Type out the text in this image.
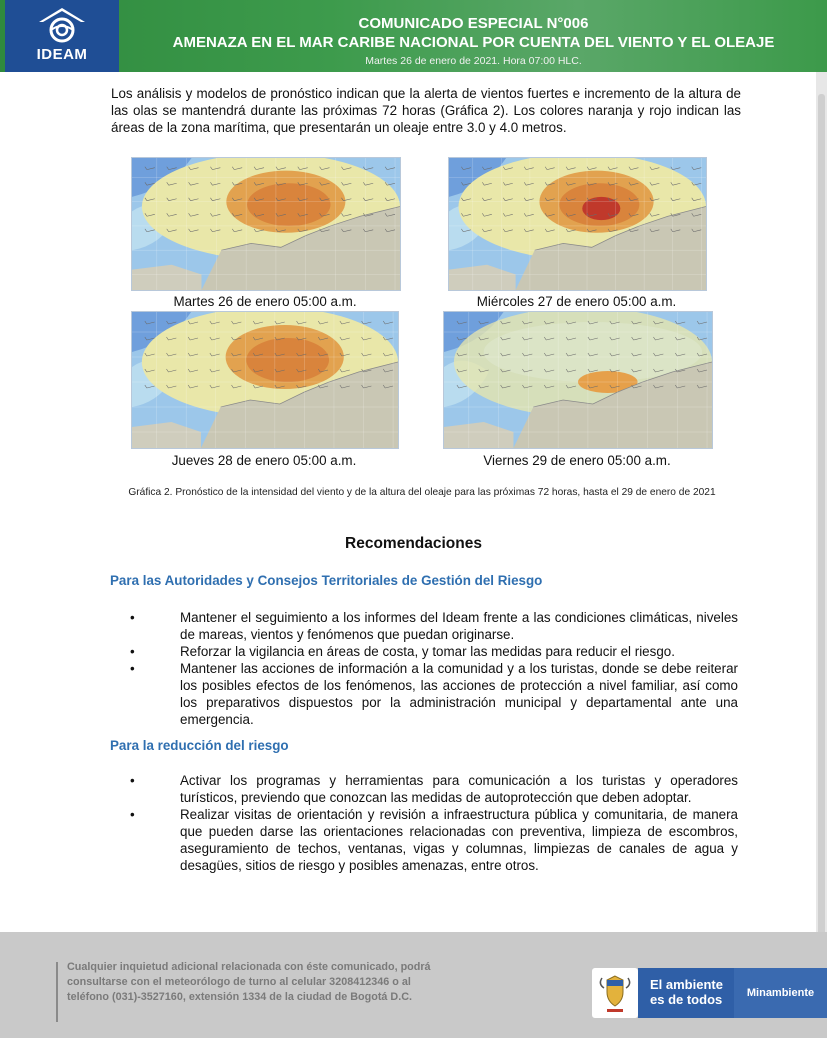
IDEAM
COMUNICADO ESPECIAL N°006
AMENAZA EN EL MAR CARIBE NACIONAL POR CUENTA DEL VIENTO Y EL OLEAJE
Martes 26 de enero de 2021. Hora 07:00 HLC.
Los análisis y modelos de pronóstico indican que la alerta de vientos fuertes e incremento de la altura de las olas se mantendrá durante las próximas 72 horas (Gráfica 2). Los colores naranja y rojo indican las áreas de la zona marítima, que presentarán un oleaje entre 3.0 y 4.0 metros.
Martes 26 de enero 05:00 a.m.	Miércoles 27 de enero 05:00 a.m.
Jueves 28 de enero 05:00 a.m.	Viernes 29 de enero 05:00 a.m.
Gráfica 2. Pronóstico de la intensidad del viento y de la altura del oleaje para las próximas 72 horas, hasta el 29 de enero de 2021
Recomendaciones
Para las Autoridades y Consejos Territoriales de Gestión del Riesgo

•	Mantener el seguimiento a los informes del Ideam frente a las condiciones climáticas, niveles de mareas, vientos y fenómenos que puedan originarse.

•	Reforzar la vigilancia en áreas de costa, y tomar las medidas para reducir el riesgo.

•	Mantener las acciones de información a la comunidad y a los turistas, donde se debe reiterar los posibles efectos de los fenómenos, las acciones de protección a nivel familiar, así como los preparativos dispuestos por la administración municipal y departamental ante una emergencia.

Para la reducción del riesgo

•	Activar los programas y herramientas para comunicación a los turistas y operadores turísticos, previendo que conozcan las medidas de autoprotección que deben adoptar.

•	Realizar visitas de orientación y revisión a infraestructura pública y comunitaria, de manera que pueden darse las orientaciones relacionadas con preventiva, limpieza de escombros, aseguramiento de techos, ventanas, vigas y columnas, limpiezas de canales de agua y desagües, sitios de riesgo y posibles amenazas, entre otros.

Cualquier inquietud adicional relacionada con éste comunicado, podrá consultarse con el meteorólogo de turno al celular 3208412346 o al teléfono (031)-3527160, extensión 1334 de la ciudad de Bogotá D.C.
El ambiente
es de todos	Minambiente
